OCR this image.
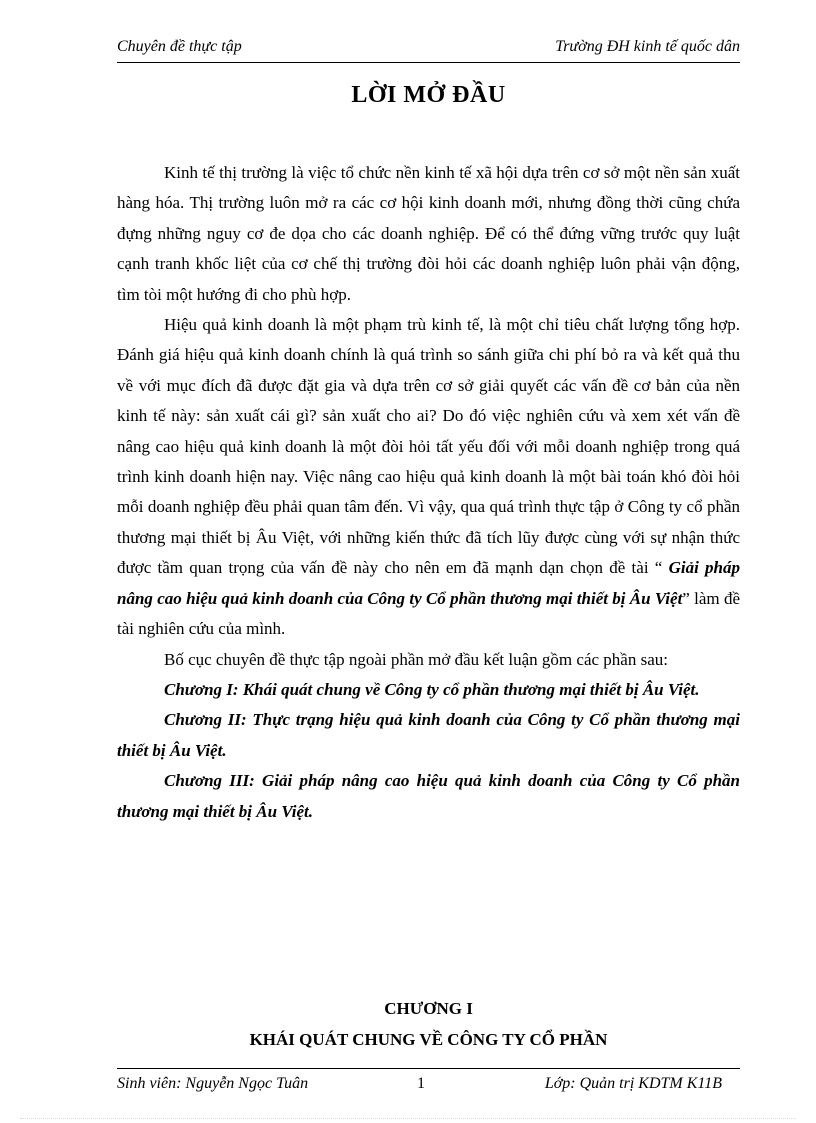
Chuyên đề thực tập	Trường ĐH kinh tế quốc dân
LỜI MỞ ĐẦU

Kinh tế thị trường là việc tổ chức nền kinh tế xã hội dựa trên cơ sở một nền sản xuất hàng hóa. Thị trường luôn mở ra các cơ hội kinh doanh mới, nhưng đồng thời cũng chứa đựng những nguy cơ đe dọa cho các doanh nghiệp. Để có thể đứng vững trước quy luật cạnh tranh khốc liệt của cơ chế thị trường đòi hỏi các doanh nghiệp luôn phải vận động, tìm tòi một hướng đi cho phù hợp.

Hiệu quả kinh doanh là một phạm trù kinh tế, là một chỉ tiêu chất lượng tổng hợp. Đánh giá hiệu quả kinh doanh chính là quá trình so sánh giữa chi phí bỏ ra và kết quả thu về với mục đích đã được đặt gia và dựa trên cơ sở giải quyết các vấn đề cơ bản của nền kinh tế này: sản xuất cái gì? sản xuất cho ai? Do đó việc nghiên cứu và xem xét vấn đề nâng cao hiệu quả kinh doanh là một đòi hỏi tất yếu đối với mỗi doanh nghiệp trong quá trình kinh doanh hiện nay. Việc nâng cao hiệu quả kinh doanh là một bài toán khó đòi hỏi mỗi doanh nghiệp đều phải quan tâm đến. Vì vậy, qua quá trình thực tập ở Công ty cổ phần thương mại thiết bị Âu Việt, với những kiến thức đã tích lũy được cùng với sự nhận thức được tầm quan trọng của vấn đề này cho nên em đã mạnh dạn chọn đề tài “ Giải pháp nâng cao hiệu quả kinh doanh của Công ty Cổ phần thương mại thiết bị Âu Việt” làm đề tài nghiên cứu của mình.

Bố cục chuyên đề thực tập ngoài phần mở đầu kết luận gồm các phần sau:

Chương I: Khái quát chung về Công ty cổ phần thương mại thiết bị Âu Việt.

Chương II: Thực trạng hiệu quả kinh doanh của Công ty Cổ phần thương mại thiết bị Âu Việt.

Chương III: Giải pháp nâng cao hiệu quả kinh doanh của Công ty Cổ phần thương mại thiết bị Âu Việt.

CHƯƠNG I
KHÁI QUÁT CHUNG VỀ CÔNG TY CỔ PHẦN
Sinh viên: Nguyễn Ngọc Tuân	1	Lớp: Quản trị KDTM K11B
